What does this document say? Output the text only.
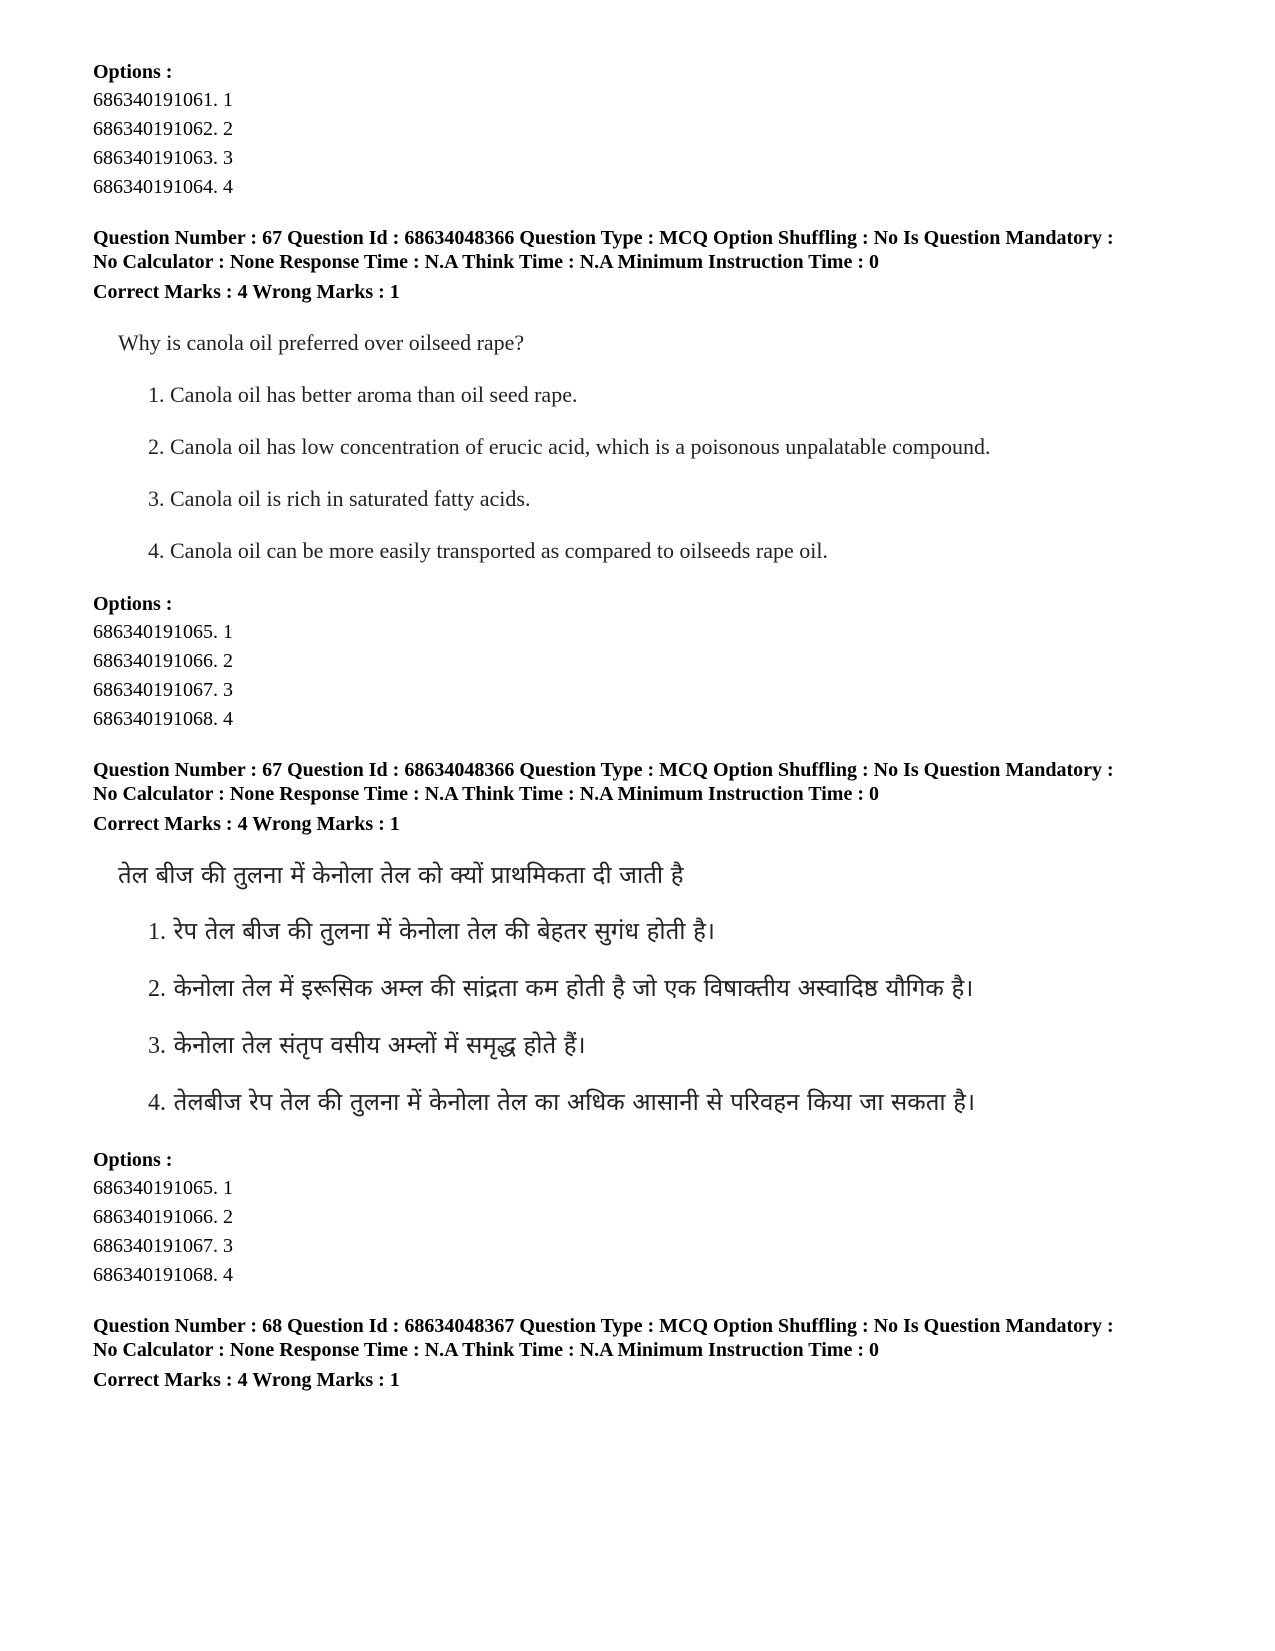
Options :
686340191061. 1
686340191062. 2
686340191063. 3
686340191064. 4
Question Number : 67 Question Id : 68634048366 Question Type : MCQ Option Shuffling : No Is Question Mandatory :
No Calculator : None Response Time : N.A Think Time : N.A Minimum Instruction Time : 0
Correct Marks : 4 Wrong Marks : 1
Why is canola oil preferred over oilseed rape?
1. Canola oil has better aroma than oil seed rape.
2. Canola oil has low concentration of erucic acid, which is a poisonous unpalatable compound.
3. Canola oil is rich in saturated fatty acids.
4. Canola oil can be more easily transported as compared to oilseeds rape oil.
Options :
686340191065. 1
686340191066. 2
686340191067. 3
686340191068. 4
Question Number : 67 Question Id : 68634048366 Question Type : MCQ Option Shuffling : No Is Question Mandatory :
No Calculator : None Response Time : N.A Think Time : N.A Minimum Instruction Time : 0
Correct Marks : 4 Wrong Marks : 1
तेल बीज की तुलना में केनोला तेल को क्यों प्राथमिकता दी जाती है
1. रेप तेल बीज की तुलना में केनोला तेल की बेहतर सुगंध होती है।
2. केनोला तेल में इरूसिक अम्ल की सांद्रता कम होती है जो एक विषाक्तीय अस्वादिष्ठ यौगिक है।
3. केनोला तेल संतृप वसीय अम्लों में समृद्ध होते हैं।
4. तेलबीज रेप तेल की तुलना में केनोला तेल का अधिक आसानी से परिवहन किया जा सकता है।
Options :
686340191065. 1
686340191066. 2
686340191067. 3
686340191068. 4
Question Number : 68 Question Id : 68634048367 Question Type : MCQ Option Shuffling : No Is Question Mandatory :
No Calculator : None Response Time : N.A Think Time : N.A Minimum Instruction Time : 0
Correct Marks : 4 Wrong Marks : 1
